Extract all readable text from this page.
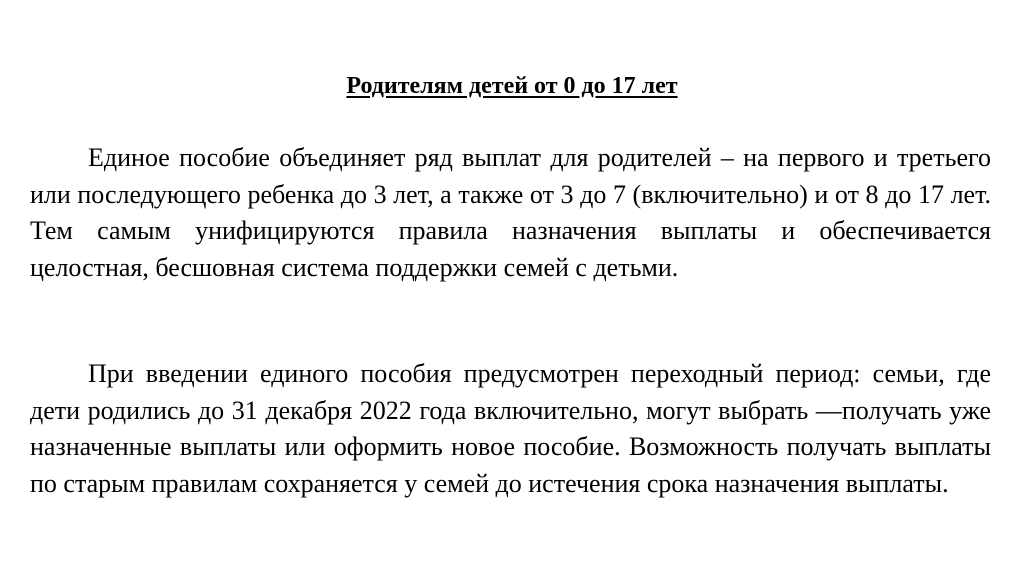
Родителям детей от 0 до 17 лет

Единое пособие объединяет ряд выплат для родителей – на первого и третьего или последующего ребенка до 3 лет, а также от 3 до 7 (включительно) и от 8 до 17 лет. Тем самым унифицируются правила назначения выплаты и обеспечивается целостная, бесшовная система поддержки семей с детьми.

При введении единого пособия предусмотрен переходный период: семьи, где дети родились до 31 декабря 2022 года включительно, могут выбрать —получать уже назначенные выплаты или оформить новое пособие. Возможность получать выплаты по старым правилам сохраняется у семей до истечения срока назначения выплаты.
